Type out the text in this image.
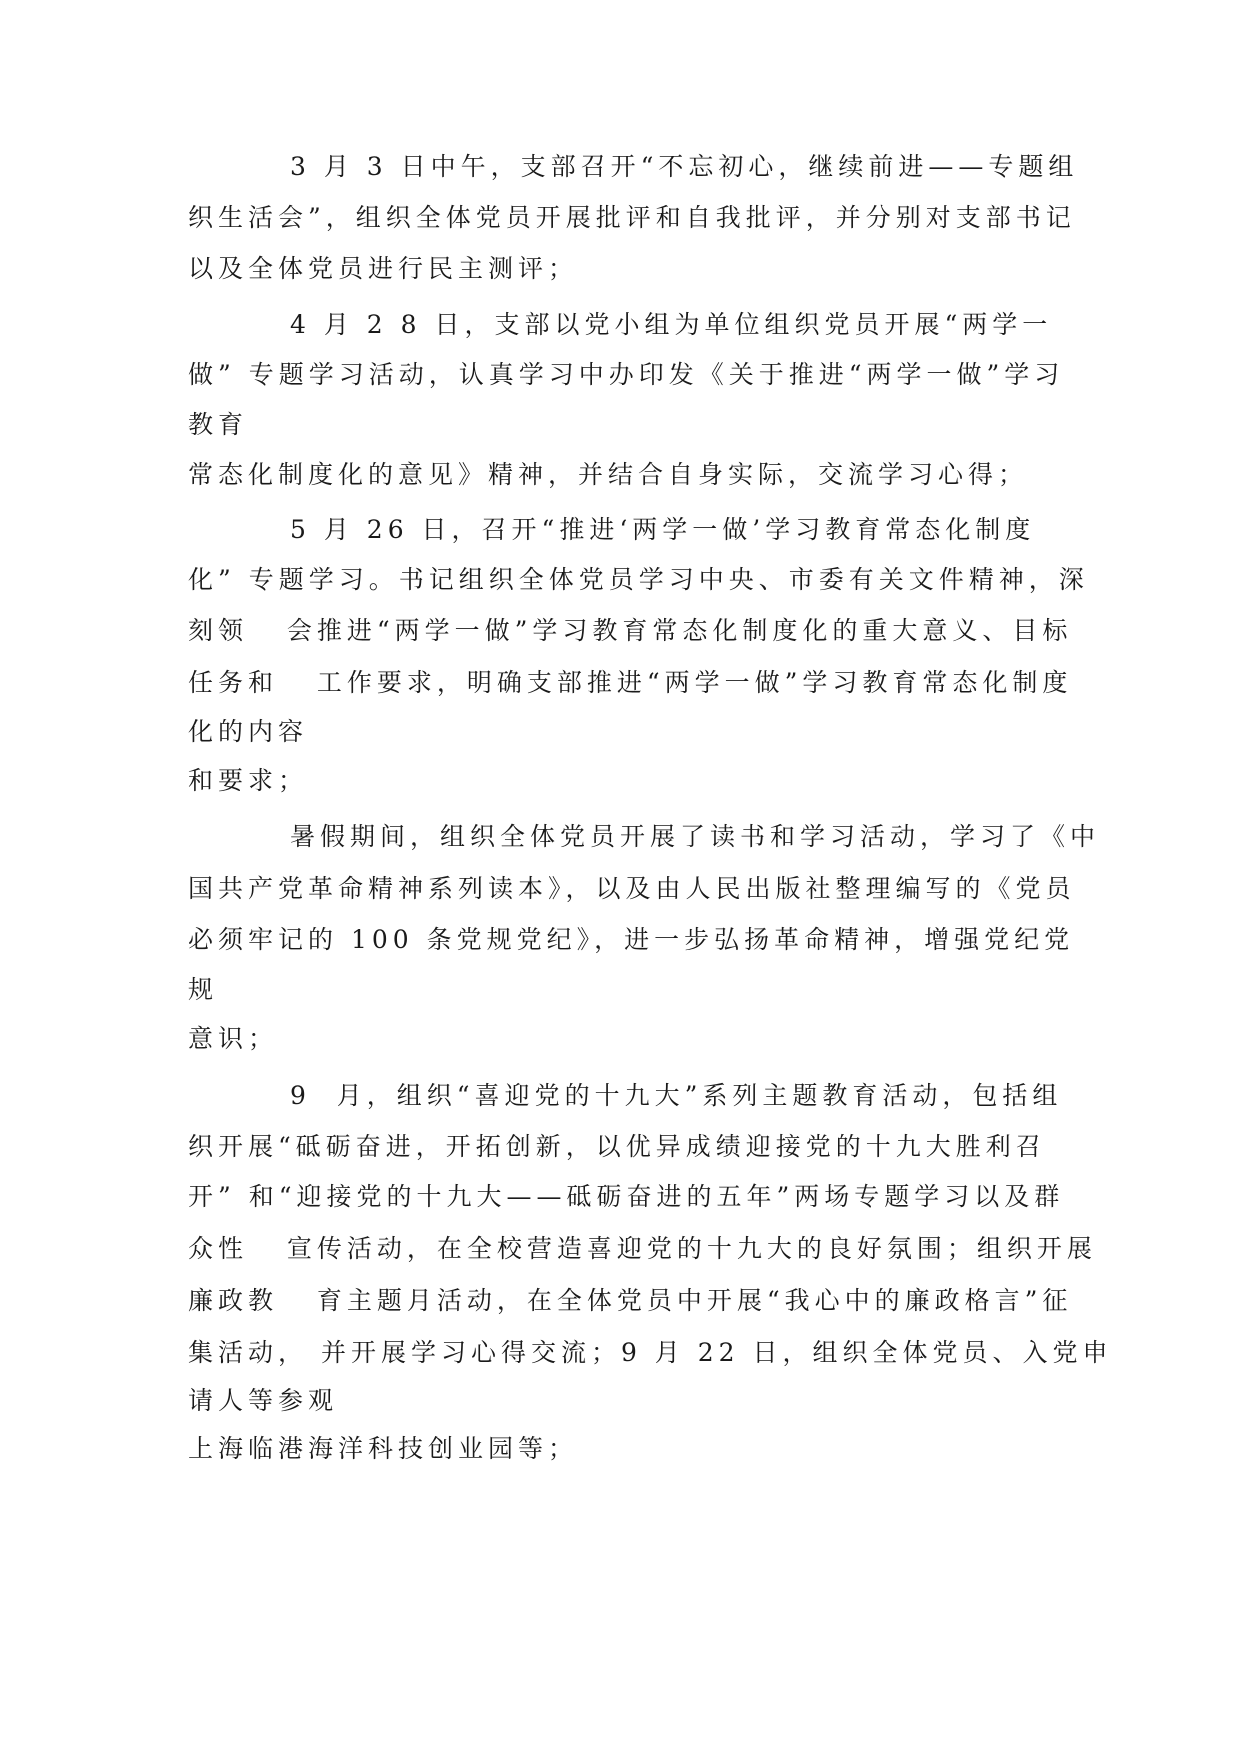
3 月 3 日中午，支部召开“不忘初心，继续前进——专题组

织生活会”，组织全体党员开展批评和自我批评，并分别对支部书记

以及全体党员进行民主测评；

4 月 2 8 日，支部以党小组为单位组织党员开展“两学一

做” 专题学习活动，认真学习中办印发《关于推进“两学一做”学习

教育

常态化制度化的意见》精神，并结合自身实际，交流学习心得；

5 月 26 日，召开“推进‘两学一做’学习教育常态化制度

化” 专题学习。书记组织全体党员学习中央、市委有关文件精神，深

刻领   会推进“两学一做”学习教育常态化制度化的重大意义、目标

任务和   工作要求，明确支部推进“两学一做”学习教育常态化制度

化的内容

和要求；

暑假期间，组织全体党员开展了读书和学习活动，学习了《中

国共产党革命精神系列读本》，以及由人民出版社整理编写的《党员

必须牢记的 100 条党规党纪》，进一步弘扬革命精神，增强党纪党

规

意识；

9  月，组织“喜迎党的十九大”系列主题教育活动，包括组

织开展“砥砺奋进，开拓创新，以优异成绩迎接党的十九大胜利召

开” 和“迎接党的十九大——砥砺奋进的五年”两场专题学习以及群

众性   宣传活动，在全校营造喜迎党的十九大的良好氛围；组织开展

廉政教   育主题月活动，在全体党员中开展“我心中的廉政格言”征

集活动， 并开展学习心得交流；9 月 22 日，组织全体党员、入党申

请人等参观

上海临港海洋科技创业园等；
